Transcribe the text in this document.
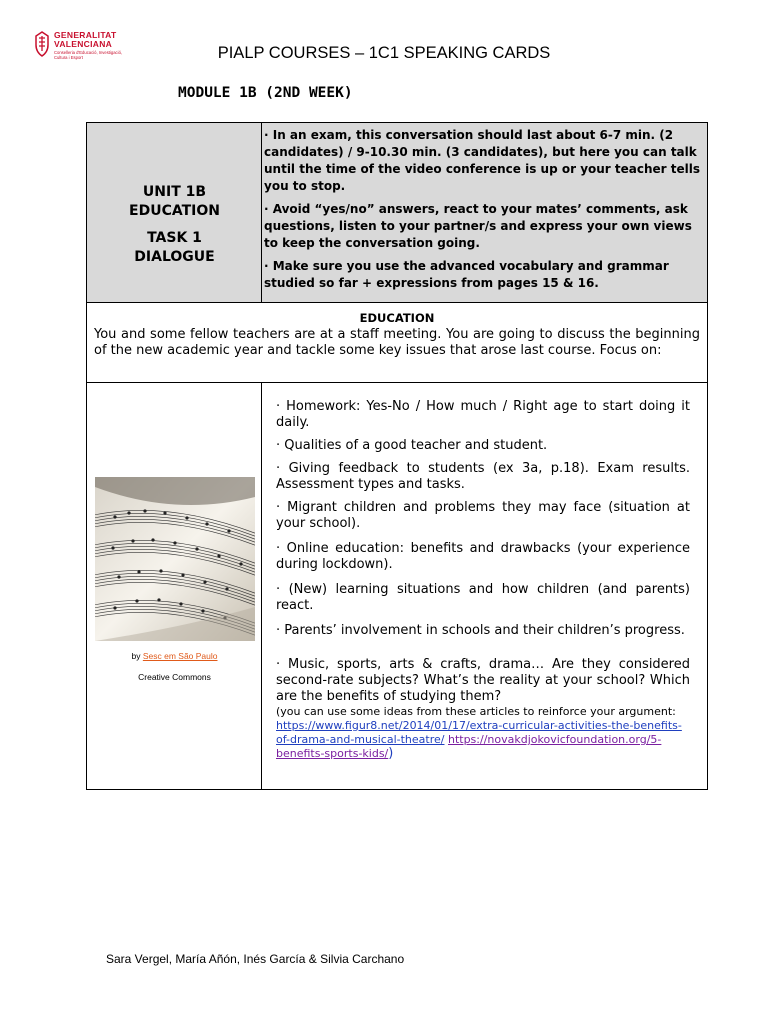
GENERALITAT
VALENCIANA
Conselleria d'Educació, Investigació, Cultura i Esport	PIALP COURSES – 1C1 SPEAKING CARDS
MODULE 1B (2ND WEEK)
UNIT 1B
EDUCATION
TASK 1
DIALOGUE

· In an exam, this conversation should last about 6-7 min. (2 candidates) / 9-10.30 min. (3 candidates), but here you can talk until the time of the video conference is up or your teacher tells you to stop.

· Avoid “yes/no” answers, react to your mates’ comments, ask questions, listen to your partner/s and express your own views to keep the conversation going.

· Make sure you use the advanced vocabulary and grammar studied so far + expressions from pages 15 & 16.

EDUCATION
You and some fellow teachers are at a staff meeting. You are going to discuss the beginning of the new academic year and tackle some key issues that arose last course. Focus on:
by Sesc em São Paulo
Creative Commons
· Homework: Yes-No / How much / Right age to start doing it daily.
· Qualities of a good teacher and student.
· Giving feedback to students (ex 3a, p.18). Exam results. Assessment types and tasks.
· Migrant children and problems they may face (situation at your school).
· Online education: benefits and drawbacks (your experience during lockdown).
· (New) learning situations and how children (and parents) react.
· Parents’ involvement in schools and their children’s progress.
· Music, sports, arts & crafts, drama… Are they considered second-rate subjects? What’s the reality at your school? Which are the benefits of studying them?
(you can use some ideas from these articles to reinforce your argument: https://www.figur8.net/2014/01/17/extra-curricular-activities-the-benefits-of-drama-and-musical-theatre/ https://novakdjokovicfoundation.org/5-benefits-sports-kids/)
Sara Vergel, María Añón, Inés García & Silvia Carchano
